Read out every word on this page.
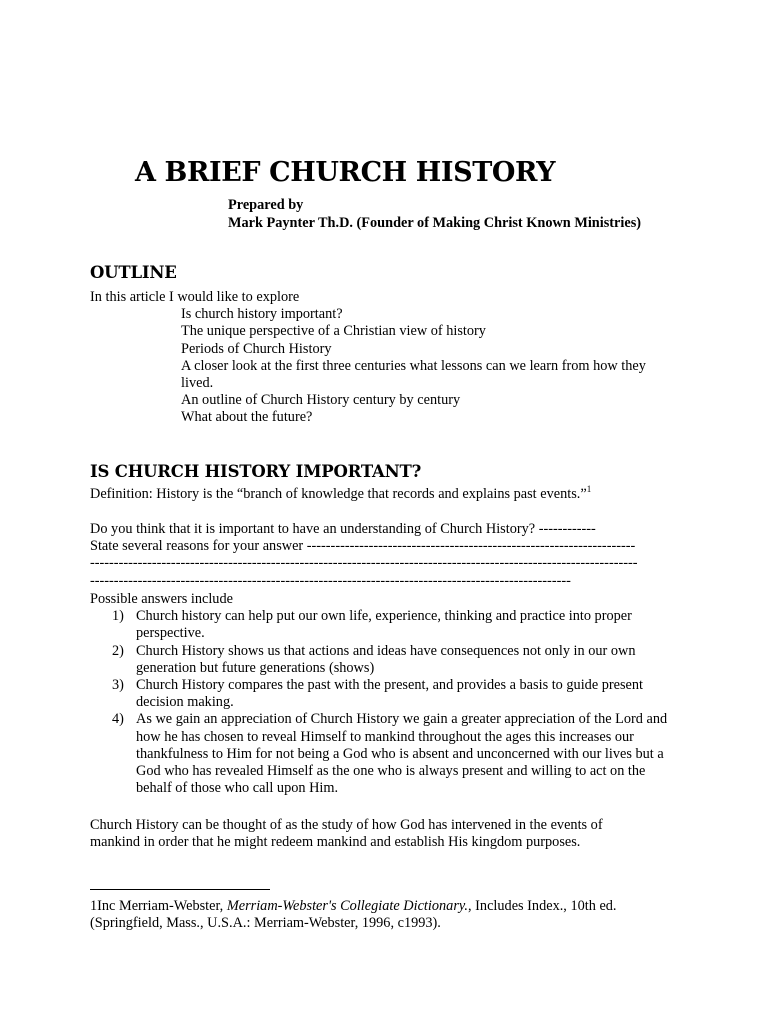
A BRIEF CHURCH HISTORY
Prepared by
Mark Paynter Th.D. (Founder of Making Christ Known Ministries)
OUTLINE
In this article I would like to explore
Is church history important?
The unique perspective of a Christian view of history
Periods of Church History
A closer look at the first three centuries what lessons can we learn from how they lived.
An outline of Church History century by century
What about the future?
IS CHURCH HISTORY IMPORTANT?
Definition: History is the “branch of knowledge that records and explains past events.”$^1$
Do you think that it is important to have an understanding of Church History? ------------
State several reasons for your answer ---------------------------------------------------------------------
-------------------------------------------------------------------------------------------------------------------
-----------------------------------------------------------------------------------------------------
Possible answers include
1) Church history can help put our own life, experience, thinking and practice into proper perspective.
2) Church History shows us that actions and ideas have consequences not only in our own generation but future generations (shows)
3) Church History compares the past with the present, and provides a basis to guide present decision making.
4) As we gain an appreciation of Church History we gain a greater appreciation of the Lord and how he has chosen to reveal Himself to mankind throughout the ages this increases our thankfulness to Him for not being a God who is absent and unconcerned with our lives but a God who has revealed Himself as the one who is always present and willing to act on the behalf of those who call upon Him.
Church History can be thought of as the study of how God has intervened in the events of mankind in order that he might redeem mankind and establish His kingdom purposes.
1Inc Merriam-Webster, Merriam-Webster's Collegiate Dictionary., Includes Index., 10th ed. (Springfield, Mass., U.S.A.: Merriam-Webster, 1996, c1993).
